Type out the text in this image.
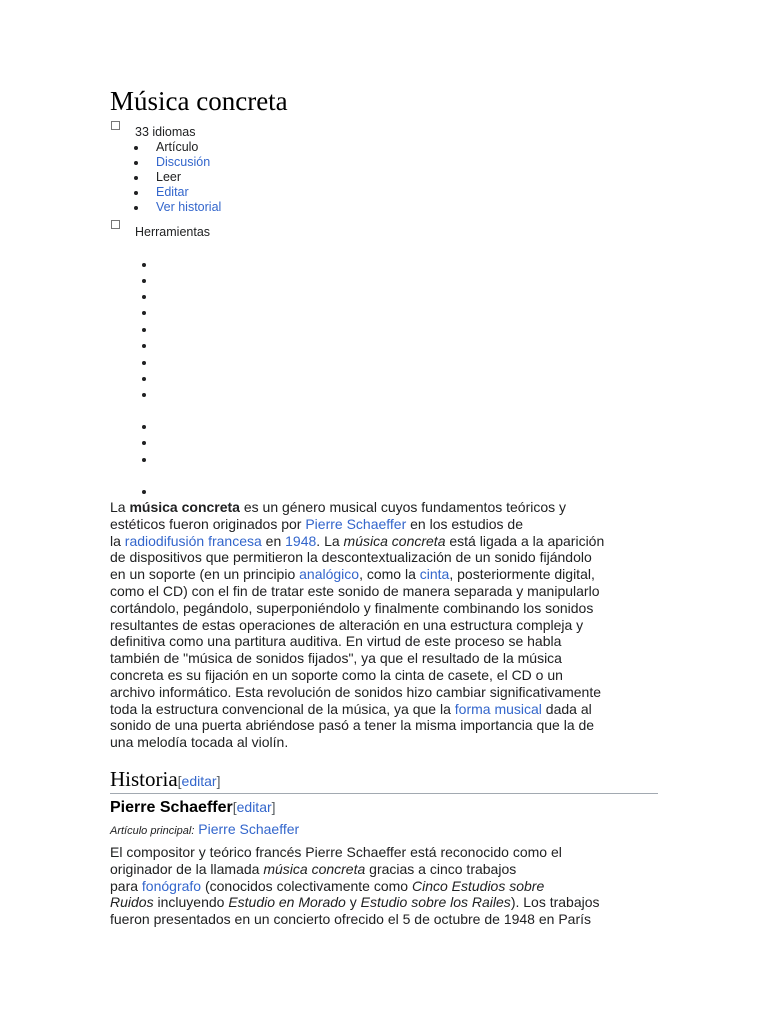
Música concreta
33 idiomas
Artículo
Discusión
Leer
Editar
Ver historial
Herramientas

La música concreta es un género musical cuyos fundamentos teóricos y
estéticos fueron originados por Pierre Schaeffer en los estudios de
la radiodifusión francesa en 1948. La música concreta está ligada a la aparición
de dispositivos que permitieron la descontextualización de un sonido fijándolo
en un soporte (en un principio analógico, como la cinta, posteriormente digital,
como el CD) con el fin de tratar este sonido de manera separada y manipularlo
cortándolo, pegándolo, superponiéndolo y finalmente combinando los sonidos
resultantes de estas operaciones de alteración en una estructura compleja y
definitiva como una partitura auditiva. En virtud de este proceso se habla
también de "música de sonidos fijados", ya que el resultado de la música
concreta es su fijación en un soporte como la cinta de casete, el CD o un
archivo informático. Esta revolución de sonidos hizo cambiar significativamente
toda la estructura convencional de la música, ya que la forma musical dada al
sonido de una puerta abriéndose pasó a tener la misma importancia que la de
una melodía tocada al violín.

Historia[editar]
Pierre Schaeffer[editar]
Artículo principal: Pierre Schaeffer

El compositor y teórico francés Pierre Schaeffer está reconocido como el
originador de la llamada música concreta gracias a cinco trabajos
para fonógrafo (conocidos colectivamente como Cinco Estudios sobre
Ruidos incluyendo Estudio en Morado y Estudio sobre los Railes). Los trabajos
fueron presentados en un concierto ofrecido el 5 de octubre de 1948 en París
